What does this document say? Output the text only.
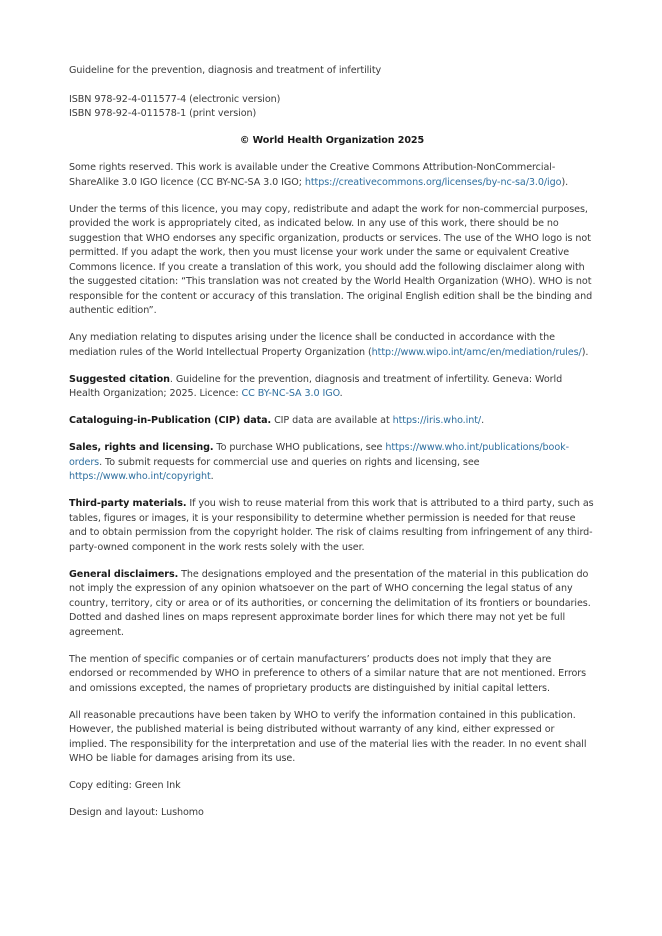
Guideline for the prevention, diagnosis and treatment of infertility

ISBN 978-92-4-011577-4 (electronic version)
ISBN 978-92-4-011578-1 (print version)

© World Health Organization 2025

Some rights reserved. This work is available under the Creative Commons Attribution-NonCommercial-ShareAlike 3.0 IGO licence (CC BY-NC-SA 3.0 IGO; https://creativecommons.org/licenses/by-nc-sa/3.0/igo).

Under the terms of this licence, you may copy, redistribute and adapt the work for non-commercial purposes, provided the work is appropriately cited, as indicated below. In any use of this work, there should be no suggestion that WHO endorses any specific organization, products or services. The use of the WHO logo is not permitted. If you adapt the work, then you must license your work under the same or equivalent Creative Commons licence. If you create a translation of this work, you should add the following disclaimer along with the suggested citation: “This translation was not created by the World Health Organization (WHO). WHO is not responsible for the content or accuracy of this translation. The original English edition shall be the binding and authentic edition”.

Any mediation relating to disputes arising under the licence shall be conducted in accordance with the mediation rules of the World Intellectual Property Organization (http://www.wipo.int/amc/en/mediation/rules/).

Suggested citation. Guideline for the prevention, diagnosis and treatment of infertility. Geneva: World Health Organization; 2025. Licence: CC BY-NC-SA 3.0 IGO.

Cataloguing-in-Publication (CIP) data. CIP data are available at https://iris.who.int/.

Sales, rights and licensing. To purchase WHO publications, see https://www.who.int/publications/book-orders. To submit requests for commercial use and queries on rights and licensing, see https://www.who.int/copyright.

Third-party materials. If you wish to reuse material from this work that is attributed to a third party, such as tables, figures or images, it is your responsibility to determine whether permission is needed for that reuse and to obtain permission from the copyright holder. The risk of claims resulting from infringement of any third-party-owned component in the work rests solely with the user.

General disclaimers. The designations employed and the presentation of the material in this publication do not imply the expression of any opinion whatsoever on the part of WHO concerning the legal status of any country, territory, city or area or of its authorities, or concerning the delimitation of its frontiers or boundaries. Dotted and dashed lines on maps represent approximate border lines for which there may not yet be full agreement.

The mention of specific companies or of certain manufacturers’ products does not imply that they are endorsed or recommended by WHO in preference to others of a similar nature that are not mentioned. Errors and omissions excepted, the names of proprietary products are distinguished by initial capital letters.

All reasonable precautions have been taken by WHO to verify the information contained in this publication. However, the published material is being distributed without warranty of any kind, either expressed or implied. The responsibility for the interpretation and use of the material lies with the reader. In no event shall WHO be liable for damages arising from its use.

Copy editing: Green Ink

Design and layout: Lushomo
